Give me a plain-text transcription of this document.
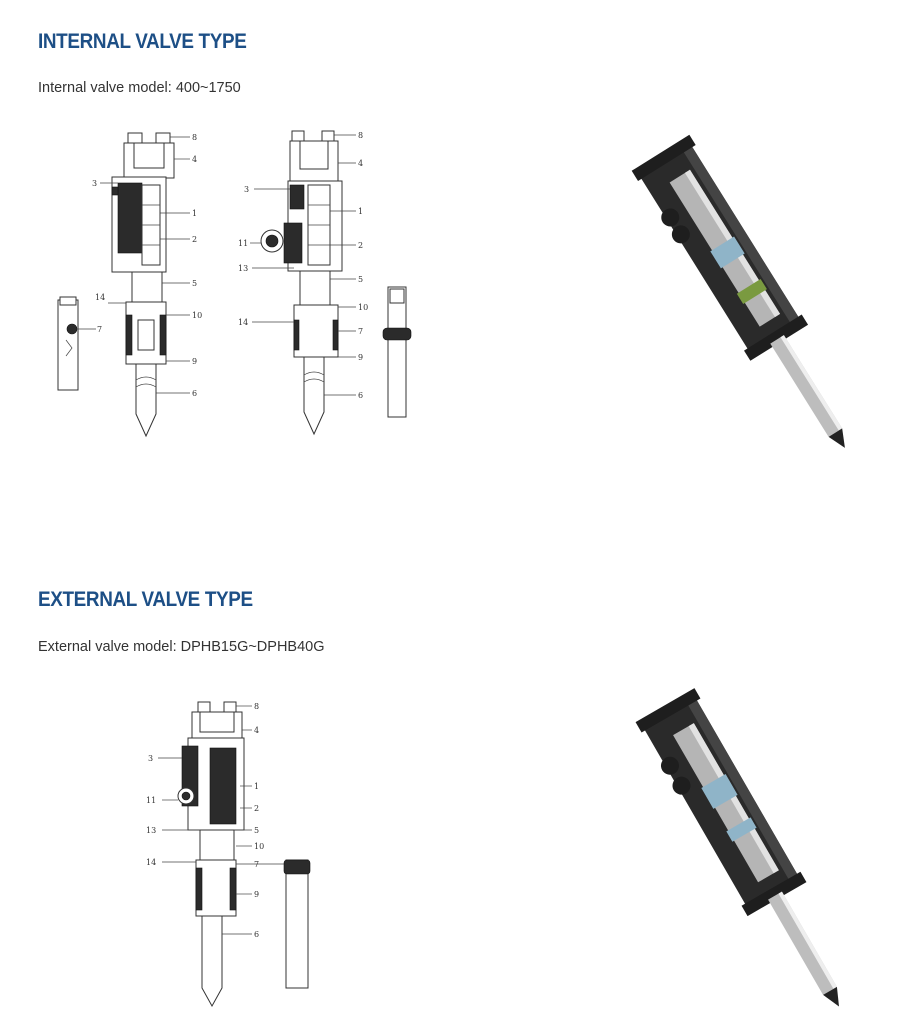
INTERNAL VALVE TYPE

Internal valve model: 400~1750

7
8
4
3
1
2
5
14
10
9
6
8
4
3
1
11	2
13
5
10
14
7
9
6
EXTERNAL VALVE TYPE

External valve model: DPHB15G~DPHB40G

8
4
3
1
11
2
13	5
10
14	7
9
6
